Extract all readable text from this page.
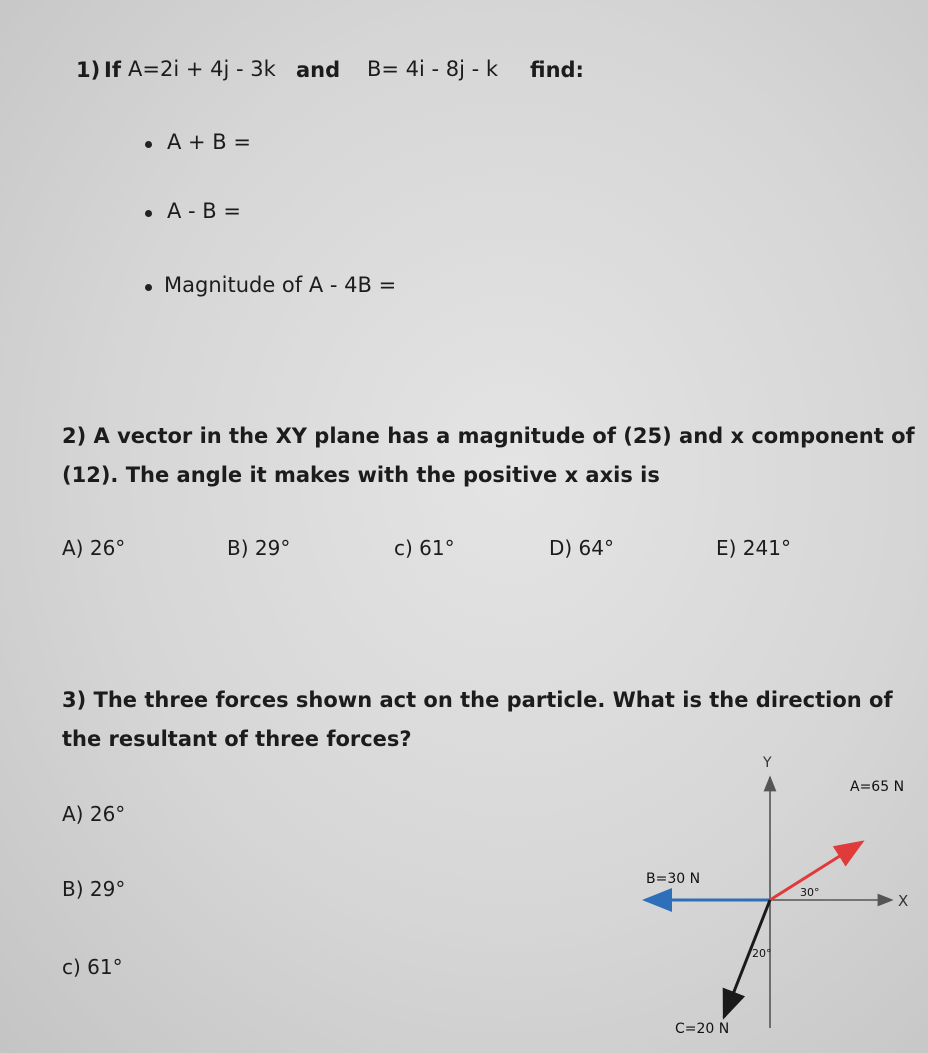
1) If A=2i + 4j - 3k and B= 4i - 8j - k find:
A + B =
A - B =
Magnitude of A - 4B =
2) A vector in the XY plane has a magnitude of (25) and x component of
(12). The angle it makes with the positive x axis is
A) 26°	B) 29°	c) 61°	D) 64°	E) 241°
3) The three forces shown act on the particle. What is the direction of
the resultant of three forces?
A) 26°
B) 29°
c) 61°
Y
X
A=65 N
B=30 N
C=20 N
30°
20°
